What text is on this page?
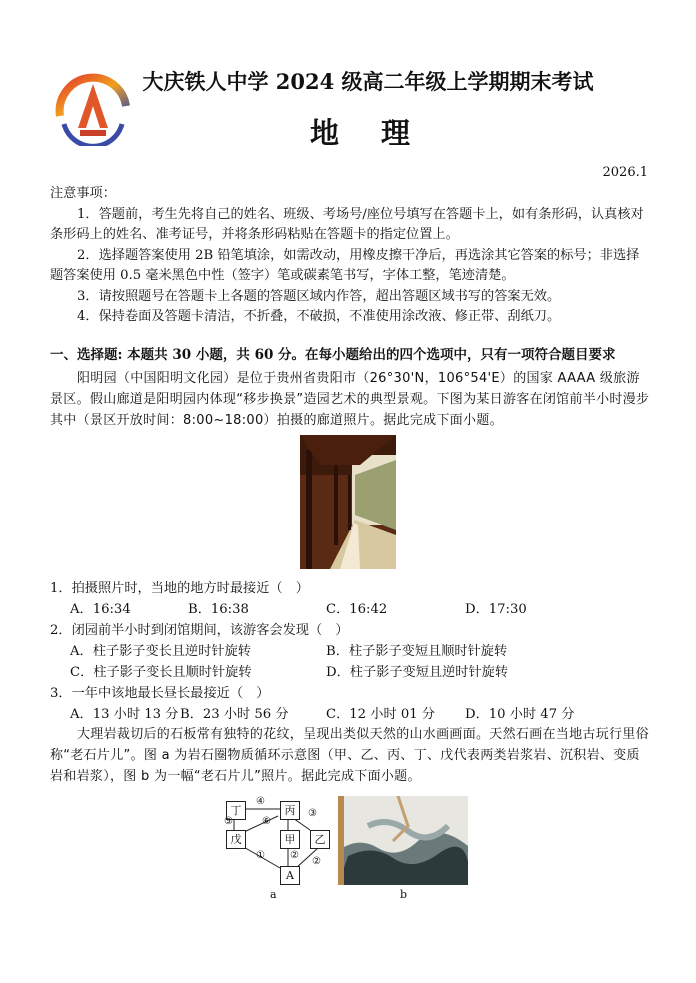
大庆铁人中学 2024 级高二年级上学期期末考试
地 理
2026.1

注意事项：

1．答题前，考生先将自己的姓名、班级、考场号/座位号填写在答题卡上，如有条形码，认真核对条形码上的姓名、准考证号，并将条形码粘贴在答题卡的指定位置上。

2．选择题答案使用 2B 铅笔填涂，如需改动，用橡皮擦干净后，再选涂其它答案的标号；非选择题答案使用 0.5 毫米黑色中性（签字）笔或碳素笔书写，字体工整，笔迹清楚。

3．请按照题号在答题卡上各题的答题区域内作答，超出答题区域书写的答案无效。

4．保持卷面及答题卡清洁，不折叠，不破损，不准使用涂改液、修正带、刮纸刀。

一、选择题: 本题共 30 小题，共 60 分。在每小题给出的四个选项中，只有一项符合题目要求

阳明园（中国阳明文化园）是位于贵州省贵阳市（26°30'N，106°54'E）的国家 AAAA 级旅游景区。假山廊道是阳明园内体现“移步换景”造园艺术的典型景观。下图为某日游客在闭馆前半小时漫步其中（景区开放时间：8:00~18:00）拍摄的廊道照片。据此完成下面小题。

1．拍摄照片时，当地的地方时最接近（　）
A．16:34	B．16:38	C．16:42	D．17:30
2．闭园前半小时到闭馆期间，该游客会发现（　）
A．柱子影子变长且逆时针旋转	B．柱子影子变短且顺时针旋转
C．柱子影子变长且顺时针旋转	D．柱子影子变短且逆时针旋转
3．一年中该地最长昼长最接近（　）
A．13 小时 13 分 B．23 小时 56 分	C．12 小时 01 分 D．10 小时 47 分

大理岩裁切后的石板常有独特的花纹，呈现出类似天然的山水画画面。天然石画在当地古玩行里俗称“老石片儿”。图 a 为岩石圈物质循环示意图（甲、乙、丙、丁、戊代表两类岩浆岩、沉积岩、变质岩和岩浆），图 b 为一幅“老石片儿”照片。据此完成下面小题。

丁	丙
甲	乙
戊
A
④
⑤	⑥
③
①	②
②
a	b
